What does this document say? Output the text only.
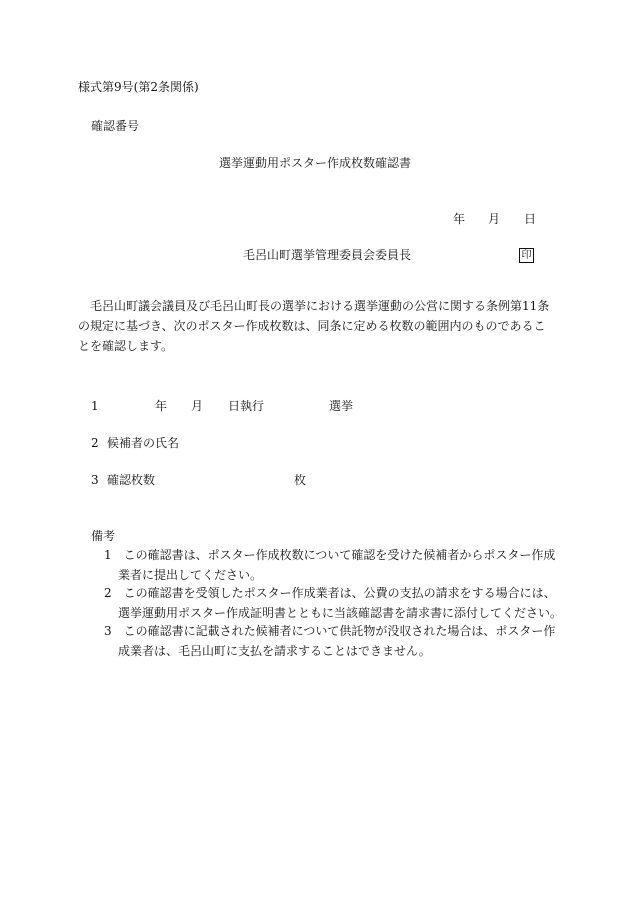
様式第9号(第2条関係)
確認番号
選挙運動用ポスター作成枚数確認書
年 月 日
毛呂山町選挙管理委員会委員長	印
毛呂山町議会議員及び毛呂山町長の選挙における選挙運動の公営に関する条例第11条の規定に基づき、次のポスター作成枚数は、同条に定める枚数の範囲内のものであることを確認します。
1	年 月 日執行	選挙
2 候補者の氏名
3 確認枚数	枚
備考
1　 この確認書は、ポスター作成枚数について確認を受けた候補者からポスター作成業者に提出してください。
2　 この確認書を受領したポスター作成業者は、公費の支払の請求をする場合には、選挙運動用ポスター作成証明書とともに当該確認書を請求書に添付してください。
3　 この確認書に記載された候補者について供託物が没収された場合は、ポスター作成業者は、毛呂山町に支払を請求することはできません。
